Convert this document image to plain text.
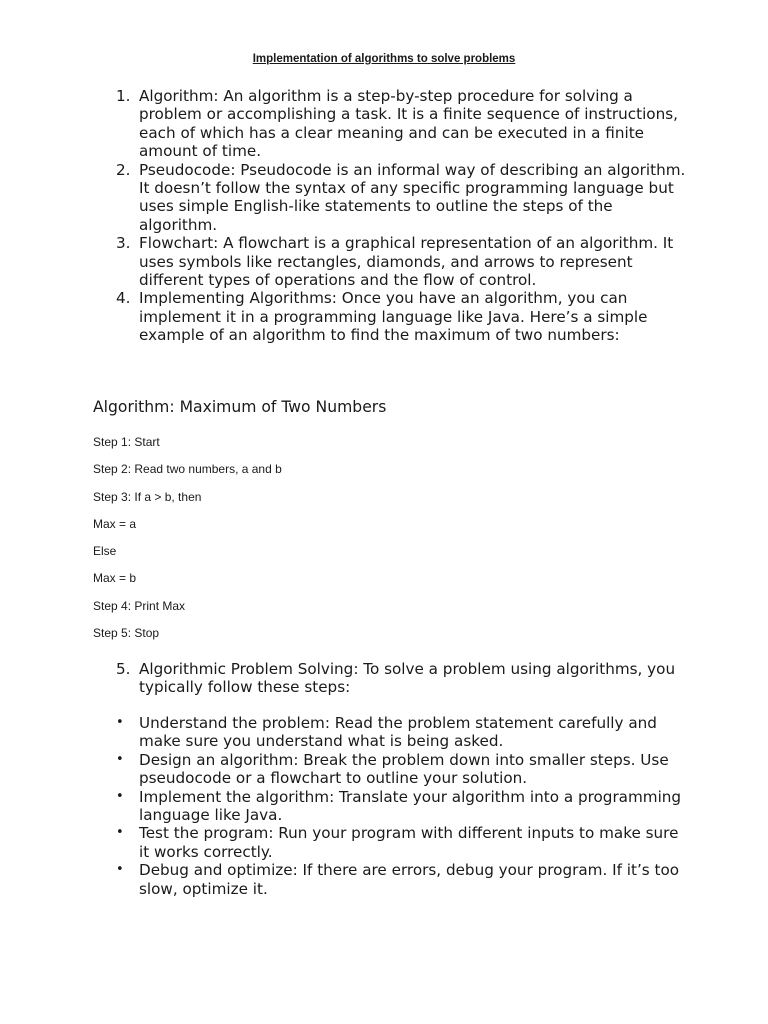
Implementation of algorithms to solve problems
1. Algorithm: An algorithm is a step-by-step procedure for solving a problem or accomplishing a task. It is a finite sequence of instructions, each of which has a clear meaning and can be executed in a finite amount of time.
2. Pseudocode: Pseudocode is an informal way of describing an algorithm. It doesn’t follow the syntax of any specific programming language but uses simple English-like statements to outline the steps of the algorithm.
3. Flowchart: A flowchart is a graphical representation of an algorithm. It uses symbols like rectangles, diamonds, and arrows to represent different types of operations and the flow of control.
4. Implementing Algorithms: Once you have an algorithm, you can implement it in a programming language like Java. Here’s a simple example of an algorithm to find the maximum of two numbers:
Algorithm: Maximum of Two Numbers
Step 1: Start
Step 2: Read two numbers, a and b
Step 3: If a > b, then
Max = a
Else
Max = b
Step 4: Print Max
Step 5: Stop
5. Algorithmic Problem Solving: To solve a problem using algorithms, you typically follow these steps:
• Understand the problem: Read the problem statement carefully and make sure you understand what is being asked.
• Design an algorithm: Break the problem down into smaller steps. Use pseudocode or a flowchart to outline your solution.
• Implement the algorithm: Translate your algorithm into a programming language like Java.
• Test the program: Run your program with different inputs to make sure it works correctly.
• Debug and optimize: If there are errors, debug your program. If it’s too slow, optimize it.
